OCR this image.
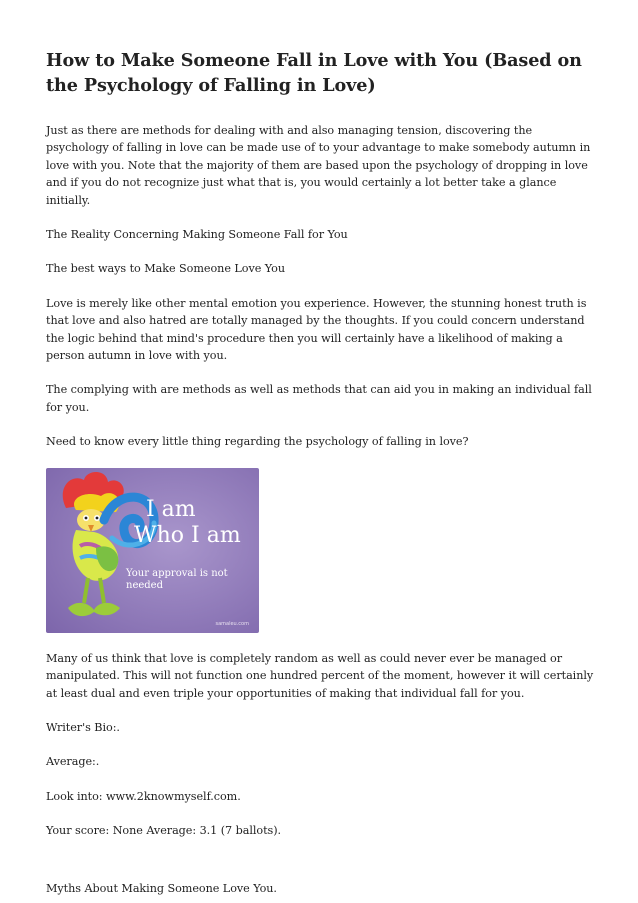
How to Make Someone Fall in Love with You (Based on the Psychology of Falling in Love)

Just as there are methods for dealing with and also managing tension, discovering the psychology of falling in love can be made use of to your advantage to make somebody autumn in love with you. Note that the majority of them are based upon the psychology of dropping in love and if you do not recognize just what that is, you would certainly a lot better take a glance initially.

The Reality Concerning Making Someone Fall for You

The best ways to Make Someone Love You

Love is merely like other mental emotion you experience. However, the stunning honest truth is that love and also hatred are totally managed by the thoughts. If you could concern understand the logic behind that mind's procedure then you will certainly have a likelihood of making a person autumn in love with you.

The complying with are methods as well as methods that can aid you in making an individual fall for you.

Need to know every little thing regarding the psychology of falling in love?

I am
Who I am
Your approval is not needed
samaleu.com

Many of us think that love is completely random as well as could never ever be managed or manipulated. This will not function one hundred percent of the moment, however it will certainly at least dual and even triple your opportunities of making that individual fall for you.

Writer's Bio:.

Average:.

Look into: www.2knowmyself.com.

Your score: None Average: 3.1 (7 ballots).

Myths About Making Someone Love You.
